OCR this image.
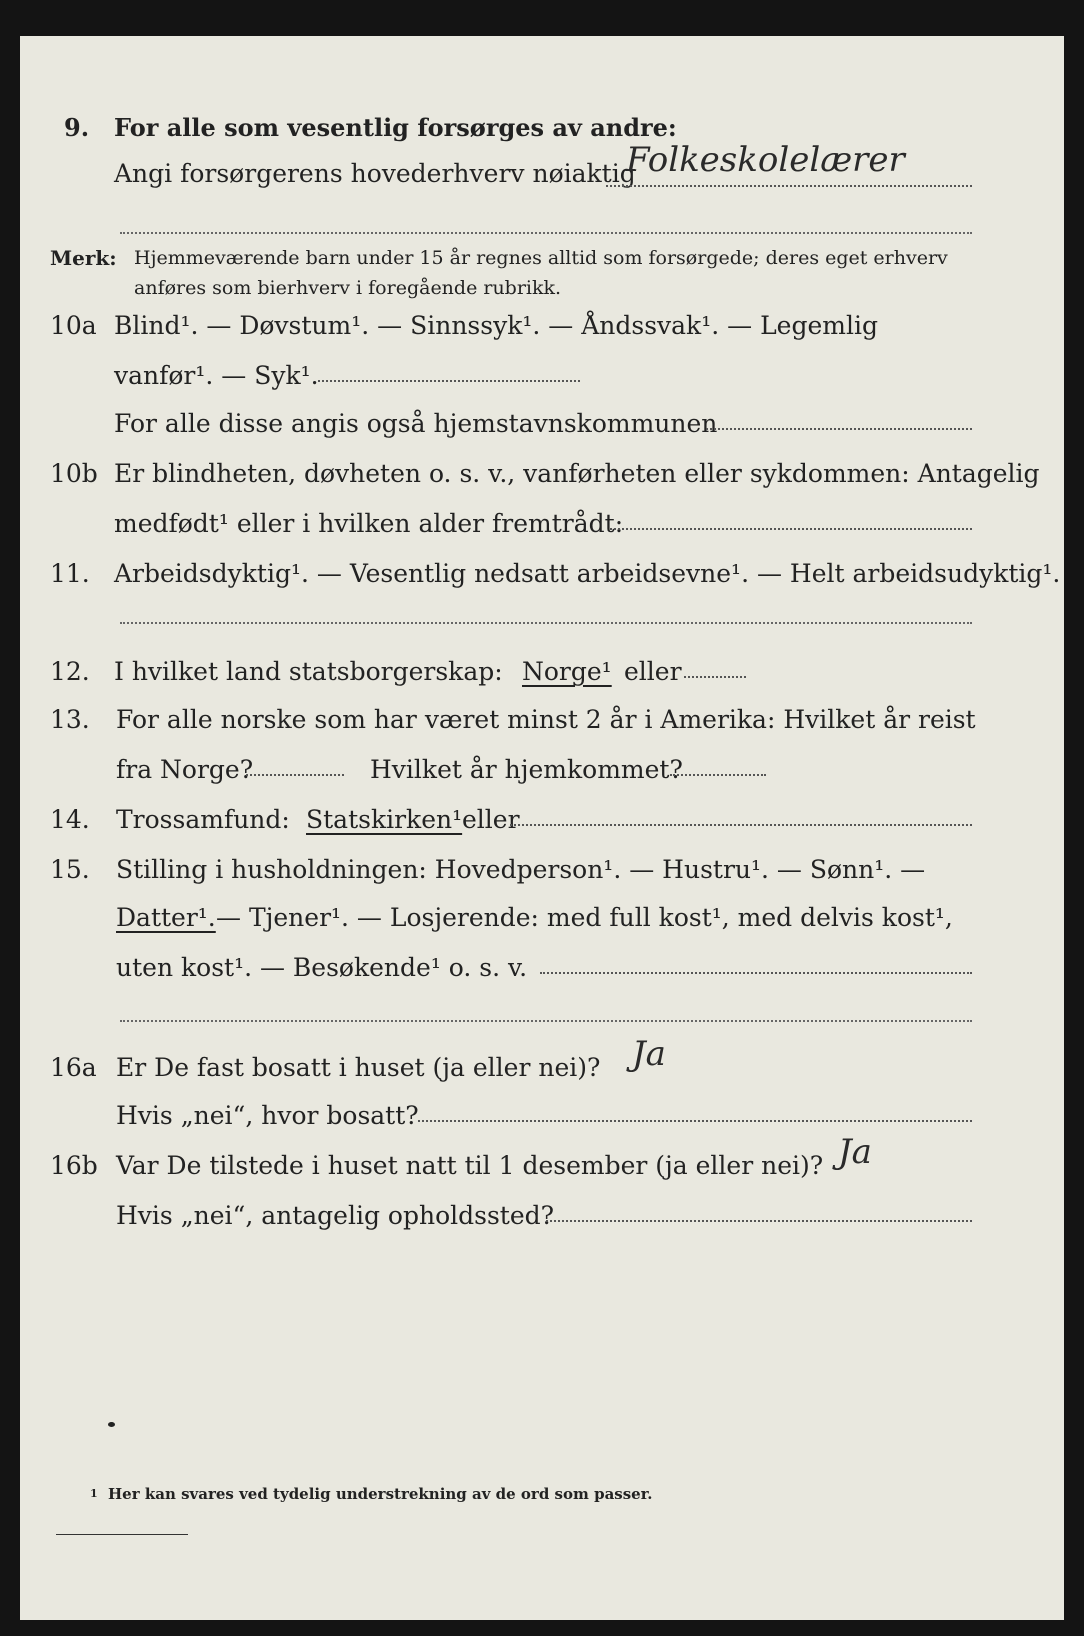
9. For alle som vesentlig forsørges av andre:
Angi forsørgerens hovederhverv nøiaktig
Folkeskolelærer
Merk: Hjemmeværende barn under 15 år regnes alltid som forsørgede; deres eget erhverv
anføres som bierhverv i foregående rubrikk.
10a Blind¹. — Døvstum¹. — Sinnssyk¹. — Åndssvak¹. — Legemlig
vanfør¹. — Syk¹.
For alle disse angis også hjemstavnskommunen
10b Er blindheten, døvheten o. s. v., vanførheten eller sykdommen: Antagelig
medfødt¹ eller i hvilken alder fremtrådt:
11. Arbeidsdyktig¹. — Vesentlig nedsatt arbeidsevne¹. — Helt arbeidsudyktig¹.
12. I hvilket land statsborgerskap: Norge¹ eller
13. For alle norske som har været minst 2 år i Amerika: Hvilket år reist
fra Norge?	Hvilket år hjemkommet?
14. Trossamfund: Statskirken¹ eller
15. Stilling i husholdningen: Hovedperson¹. — Hustru¹. — Sønn¹. —
Datter¹. — Tjener¹. — Losjerende: med full kost¹, med delvis kost¹,
uten kost¹. — Besøkende¹ o. s. v.
16a Er De fast bosatt i huset (ja eller nei)? Ja
Hvis „nei“, hvor bosatt?
16b Var De tilstede i huset natt til 1 desember (ja eller nei)? Ja
Hvis „nei“, antagelig opholdssted?
1 Her kan svares ved tydelig understrekning av de ord som passer.
